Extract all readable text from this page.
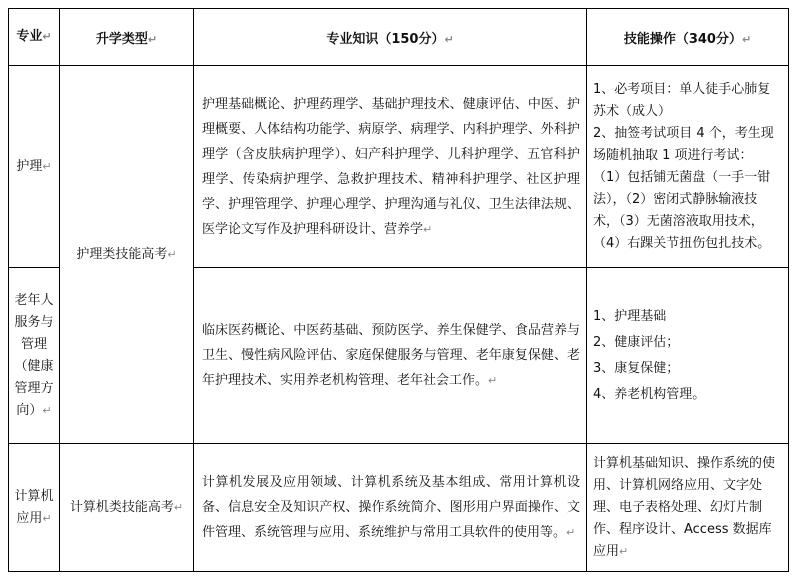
专业↵	升学类型↵	专业知识（150分）↵	技能操作（340分）↵
护理↵	护理类技能高考↵	护理基础概论、护理药理学、基础护理技术、健康评估、中医、护理概要、人体结构功能学、病原学、病理学、内科护理学、外科护理学（含皮肤病护理学）、妇产科护理学、儿科护理学、五官科护理学、传染病护理学、急救护理技术、精神科护理学、社区护理学、护理管理学、护理心理学、护理沟通与礼仪、卫生法律法规、医学论文写作及护理科研设计、营养学↵	1、必考项目：单人徒手心肺复苏术（成人）
2、抽签考试项目 4 个，考生现场随机抽取 1 项进行考试：
（1）包括铺无菌盘（一手一钳法），（2）密闭式静脉输液技术，（3）无菌溶液取用技术，（4）右踝关节扭伤包扎技术。

老年人服务与管理（健康管理方向）↵		临床医药概论、中医药基础、预防医学、养生保健学、食品营养与卫生、慢性病风险评估、家庭保健服务与管理、老年康复保健、老年护理技术、实用养老机构管理、老年社会工作。↵	1、护理基础
2、健康评估；
3、康复保健；
4、养老机构管理。

计算机应用↵	计算机类技能高考↵	计算机发展及应用领域、计算机系统及基本组成、常用计算机设备、信息安全及知识产权、操作系统简介、图形用户界面操作、文件管理、系统管理与应用、系统维护与常用工具软件的使用等。↵	计算机基础知识、操作系统的使用、计算机网络应用、文字处理、电子表格处理、幻灯片制作、程序设计、Access 数据库应用↵
